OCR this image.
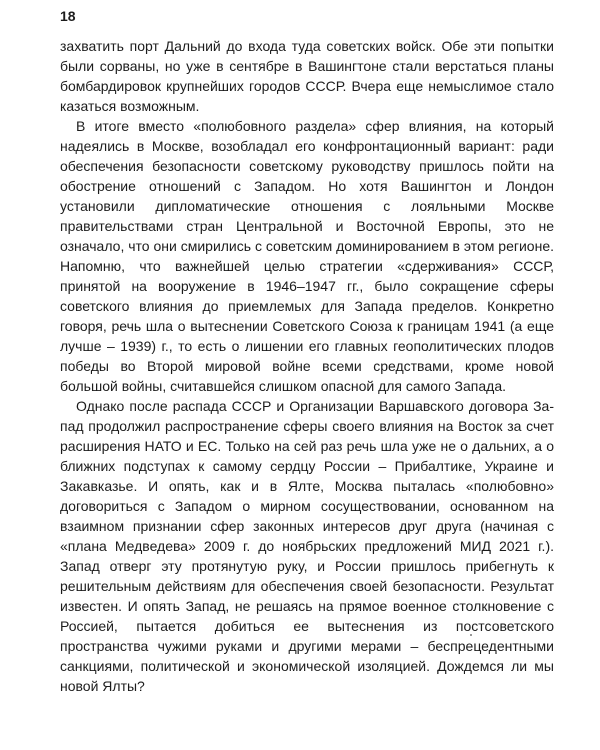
18

захватить порт Дальний до входа туда советских войск. Обе эти попытки были сорваны, но уже в сентябре в Вашингтоне стали верстаться планы бомбардировок крупнейших городов СССР. Вчера еще немыслимое стало казаться возможным.

В итоге вместо «полюбовного раздела» сфер влияния, на который надеялись в Москве, возобладал его конфронтационный вариант: ради обеспечения безопасности советскому руководству пришлось пойти на обострение отношений с Западом. Но хотя Вашингтон и Лондон установили дипломатические отношения с лояльными Москве правительствами стран Центральной и Восточной Европы, это не означало, что они смирились с советским доминированием в этом регионе. Напомню, что важнейшей целью стратегии «сдерживания» СССР, принятой на вооружение в 1946–1947 гг., было сокращение сферы советского влияния до приемлемых для Запада пределов. Конкретно говоря, речь шла о вытеснении Советского Союза к границам 1941 (а еще лучше – 1939) г., то есть о лишении его главных геополитических плодов победы во Второй мировой войне всеми средствами, кроме новой большой войны, считавшейся слишком опасной для самого Запада.

Однако после распада СССР и Организации Варшавского договора Запад продолжил распространение сферы своего влияния на Восток за счет расширения НАТО и ЕС. Только на сей раз речь шла уже не о дальних, а о ближних подступах к самому сердцу России – Прибалтике, Украине и Закавказье. И опять, как и в Ялте, Москва пыталась «полюбовно» договориться с Западом о мирном сосуществовании, основанном на взаимном признании сфер законных интересов друг друга (начиная с «плана Медведева» 2009 г. до ноябрьских предложений МИД 2021 г.). Запад отверг эту протянутую руку, и России пришлось прибегнуть к решительным действиям для обеспечения своей безопасности. Результат известен. И опять Запад, не решаясь на прямое военное столкновение с Россией, пытается добиться ее вытеснения из постсоветского пространства чужими руками и другими мерами – беспрецедентными санкциями, политической и экономической изоляцией. Дождемся ли мы новой Ялты?
